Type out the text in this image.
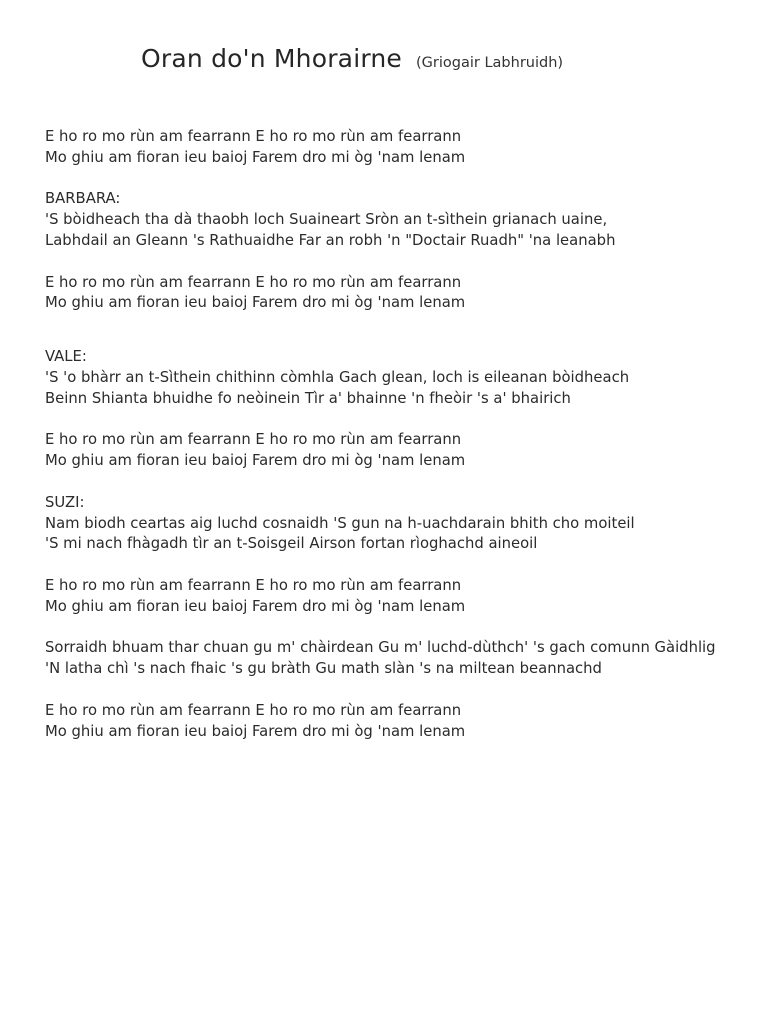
Oran do'n Mhorairne (Griogair Labhruidh)
E ho ro mo rùn am fearrann E ho ro mo rùn am fearrann
Mo ghiu am fioran ieu baioj Farem dro mi òg 'nam lenam
BARBARA:
'S bòidheach tha dà thaobh loch Suaineart Sròn an t-sìthein grianach uaine,
Labhdail an Gleann 's Rathuaidhe Far an robh 'n "Doctair Ruadh" 'na leanabh
E ho ro mo rùn am fearrann E ho ro mo rùn am fearrann
Mo ghiu am fioran ieu baioj Farem dro mi òg 'nam lenam
VALE:
'S 'o bhàrr an t-Sìthein chithinn còmhla Gach glean, loch is eileanan bòidheach
Beinn Shianta bhuidhe fo neòinein Tìr a' bhainne 'n fheòir 's a' bhairich
E ho ro mo rùn am fearrann E ho ro mo rùn am fearrann
Mo ghiu am fioran ieu baioj Farem dro mi òg 'nam lenam
SUZI:
Nam biodh ceartas aig luchd cosnaidh 'S gun na h-uachdarain bhith cho moiteil
'S mi nach fhàgadh tìr an t-Soisgeil Airson fortan rìoghachd aineoil
E ho ro mo rùn am fearrann E ho ro mo rùn am fearrann
Mo ghiu am fioran ieu baioj Farem dro mi òg 'nam lenam
Sorraidh bhuam thar chuan gu m' chàirdean Gu m' luchd-dùthch' 's gach comunn Gàidhlig
'N latha chì 's nach fhaic 's gu bràth Gu math slàn 's na miltean beannachd
E ho ro mo rùn am fearrann E ho ro mo rùn am fearrann
Mo ghiu am fioran ieu baioj Farem dro mi òg 'nam lenam
